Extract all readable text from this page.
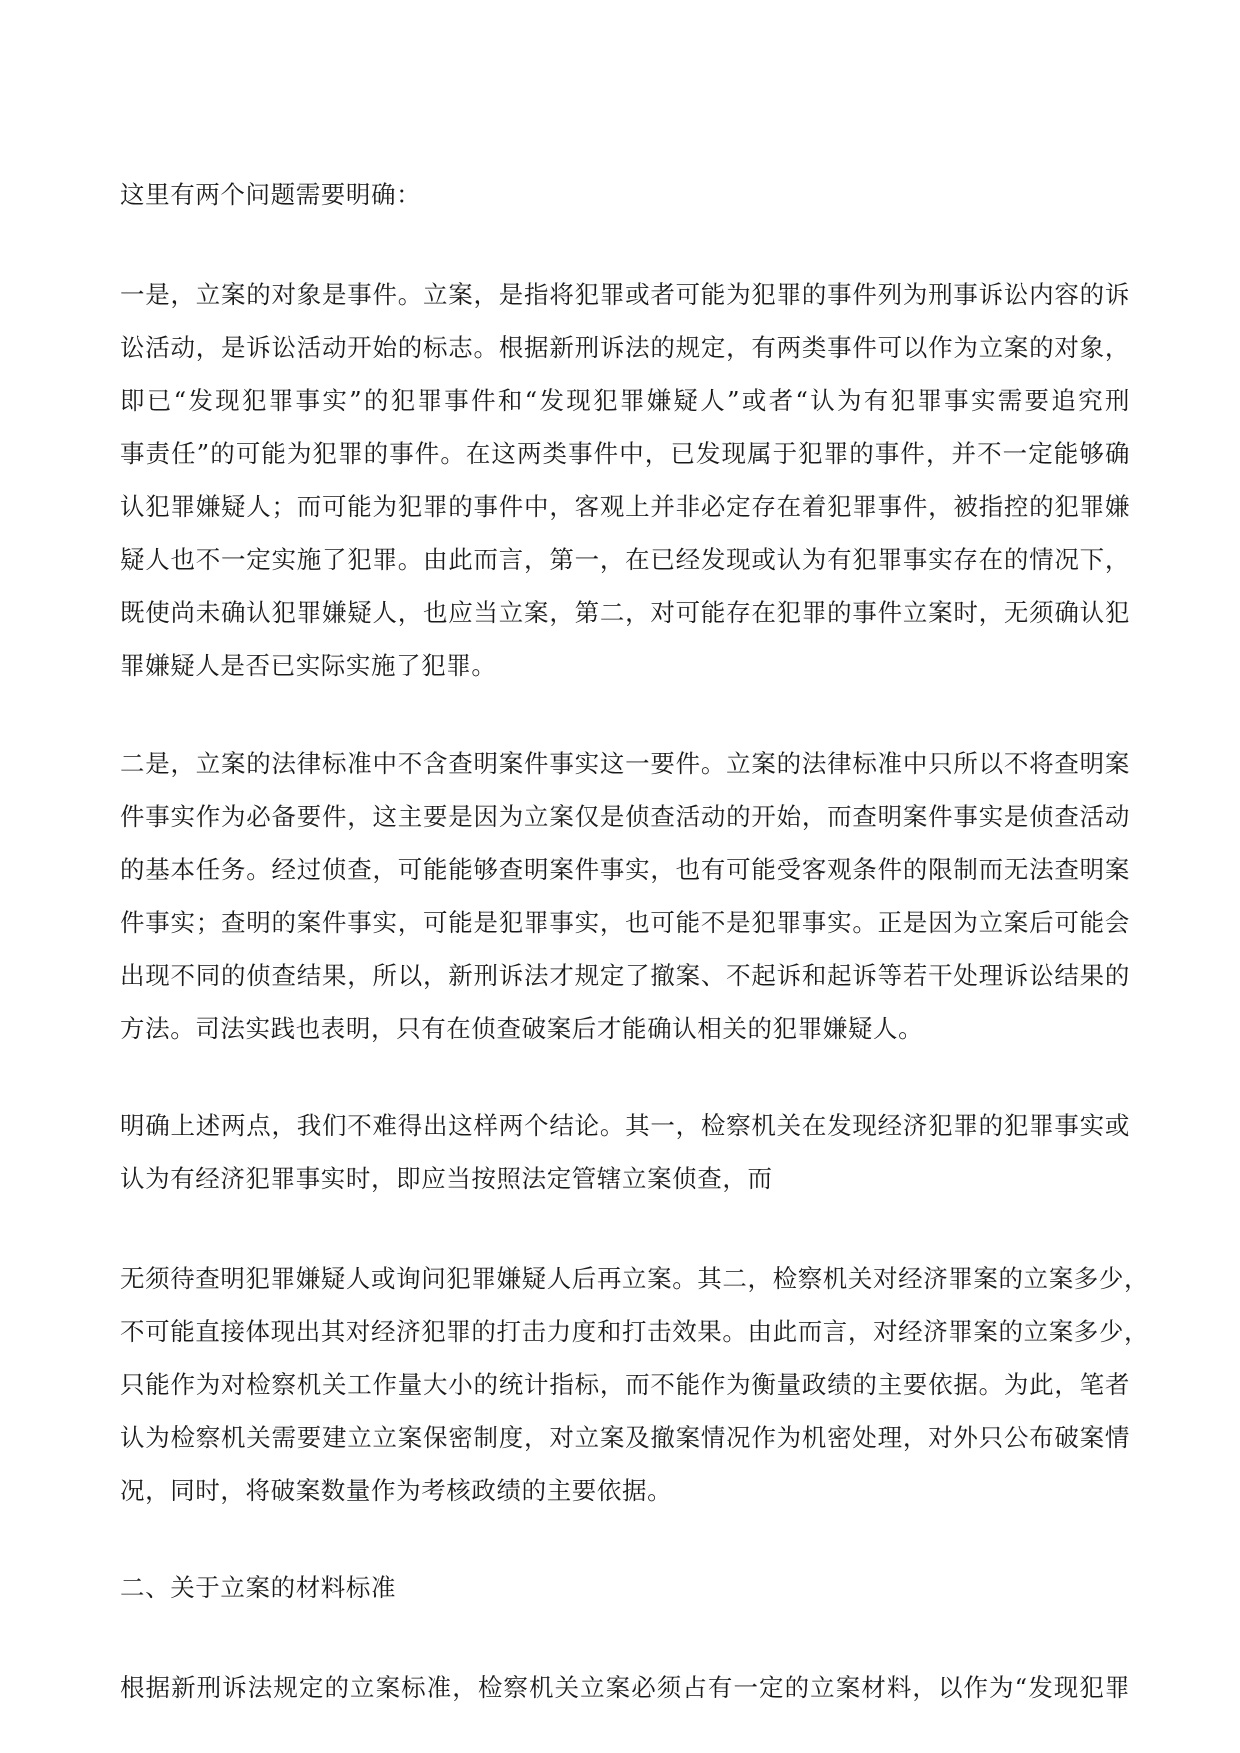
这里有两个问题需要明确：
一是，立案的对象是事件。立案，是指将犯罪或者可能为犯罪的事件列为刑事诉讼内容的诉
讼活动，是诉讼活动开始的标志。根据新刑诉法的规定，有两类事件可以作为立案的对象，
即已“发现犯罪事实”的犯罪事件和“发现犯罪嫌疑人”或者“认为有犯罪事实需要追究刑
事责任”的可能为犯罪的事件。在这两类事件中，已发现属于犯罪的事件，并不一定能够确
认犯罪嫌疑人；而可能为犯罪的事件中，客观上并非必定存在着犯罪事件，被指控的犯罪嫌
疑人也不一定实施了犯罪。由此而言，第一，在已经发现或认为有犯罪事实存在的情况下，
既使尚未确认犯罪嫌疑人，也应当立案，第二，对可能存在犯罪的事件立案时，无须确认犯
罪嫌疑人是否已实际实施了犯罪。
二是，立案的法律标准中不含查明案件事实这一要件。立案的法律标准中只所以不将查明案
件事实作为必备要件，这主要是因为立案仅是侦查活动的开始，而查明案件事实是侦查活动
的基本任务。经过侦查，可能能够查明案件事实，也有可能受客观条件的限制而无法查明案
件事实；查明的案件事实，可能是犯罪事实，也可能不是犯罪事实。正是因为立案后可能会
出现不同的侦查结果，所以，新刑诉法才规定了撤案、不起诉和起诉等若干处理诉讼结果的
方法。司法实践也表明，只有在侦查破案后才能确认相关的犯罪嫌疑人。
明确上述两点，我们不难得出这样两个结论。其一，检察机关在发现经济犯罪的犯罪事实或
认为有经济犯罪事实时，即应当按照法定管辖立案侦查，而
无须待查明犯罪嫌疑人或询问犯罪嫌疑人后再立案。其二，检察机关对经济罪案的立案多少，
不可能直接体现出其对经济犯罪的打击力度和打击效果。由此而言，对经济罪案的立案多少，
只能作为对检察机关工作量大小的统计指标，而不能作为衡量政绩的主要依据。为此，笔者
认为检察机关需要建立立案保密制度，对立案及撤案情况作为机密处理，对外只公布破案情
况，同时，将破案数量作为考核政绩的主要依据。
二、关于立案的材料标准
根据新刑诉法规定的立案标准，检察机关立案必须占有一定的立案材料，以作为“发现犯罪
